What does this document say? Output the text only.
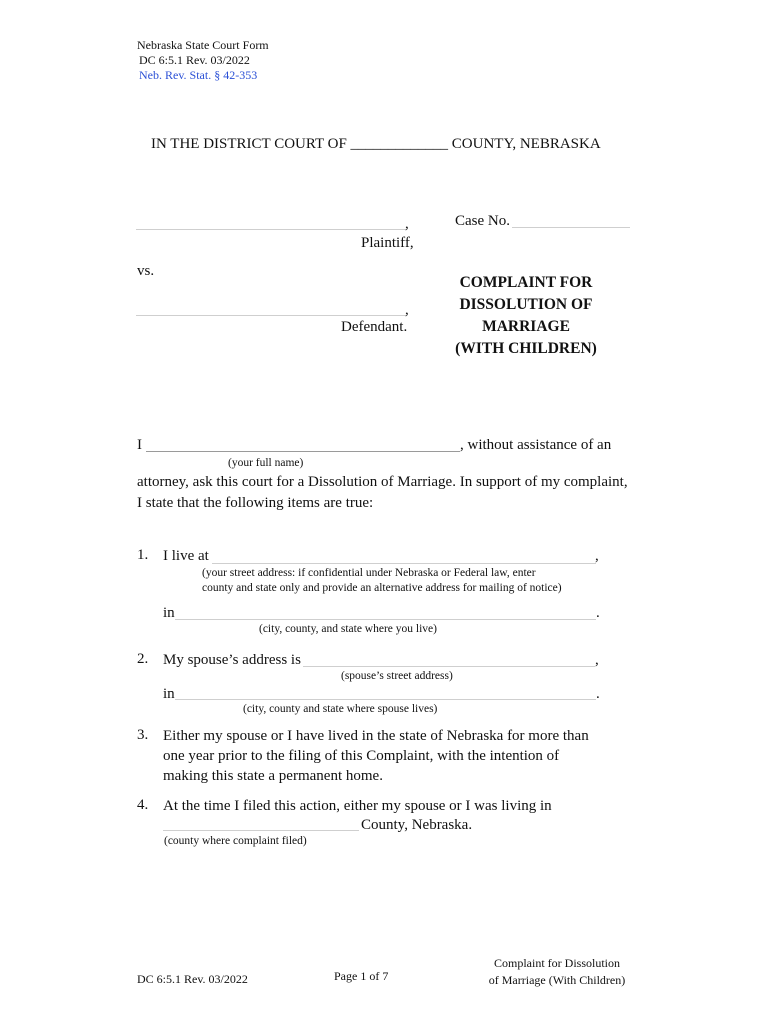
Nebraska State Court Form
DC 6:5.1 Rev. 03/2022
Neb. Rev. Stat. § 42-353
IN THE DISTRICT COURT OF _____________ COUNTY, NEBRASKA
,
Plaintiff,
Case No.
vs.
,
Defendant.
COMPLAINT FOR
DISSOLUTION OF
MARRIAGE
(WITH CHILDREN)
I	, without assistance of an
(your full name)
attorney, ask this court for a Dissolution of Marriage. In support of my complaint,
I state that the following items are true:
1. I live at	,
(your street address: if confidential under Nebraska or Federal law, enter
county and state only and provide an alternative address for mailing of notice)
in	.
(city, county, and state where you live)
2. My spouse’s address is	,
(spouse’s street address)
in	.
(city, county and state where spouse lives)
3. Either my spouse or I have lived in the state of Nebraska for more than
one year prior to the filing of this Complaint, with the intention of
making this state a permanent home.
4. At the time I filed this action, either my spouse or I was living in
County, Nebraska.
(county where complaint filed)
DC 6:5.1 Rev. 03/2022	Page 1 of 7
Complaint for Dissolution
of Marriage (With Children)
